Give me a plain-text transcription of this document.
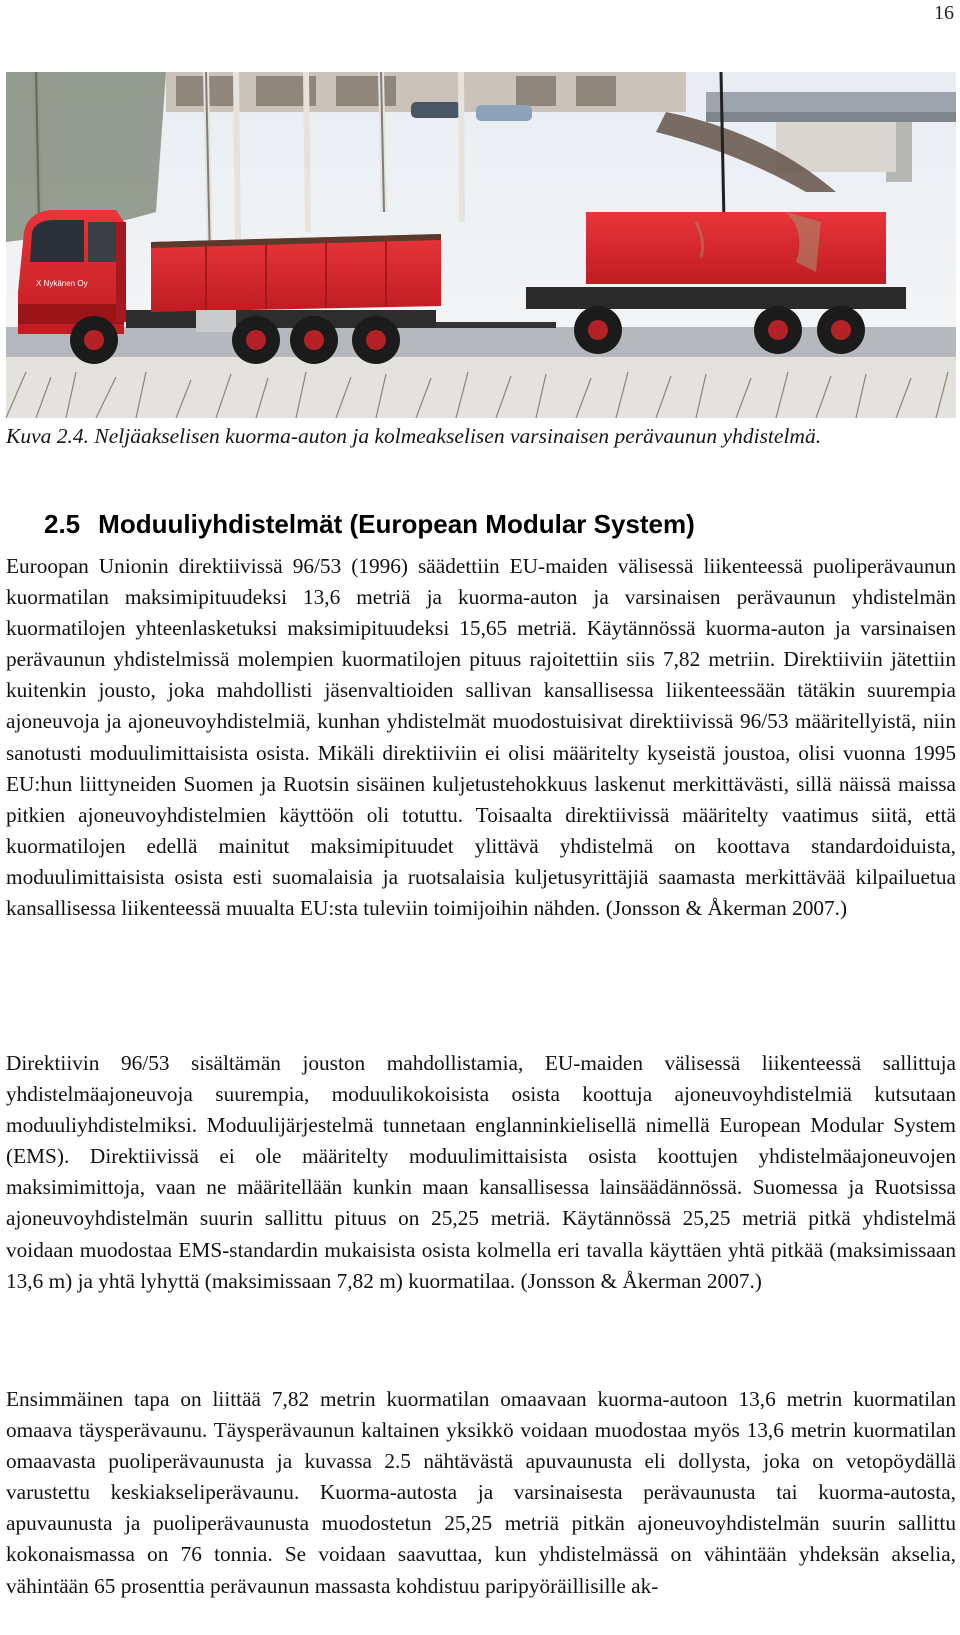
16
X Nykänen Oy
Kuva 2.4. Neljäakselisen kuorma-auton ja kolmeakselisen varsinaisen perävaunun yhdistelmä.
2.5 Moduuliyhdistelmät (European Modular System)

Euroopan Unionin direktiivissä 96/53 (1996) säädettiin EU-maiden välisessä liikenteessä puoliperävaunun kuormatilan maksimipituudeksi 13,6 metriä ja kuorma-auton ja varsinaisen perävaunun yhdistelmän kuormatilojen yhteenlasketuksi maksimipituudeksi 15,65 metriä. Käytännössä kuorma-auton ja varsinaisen perävaunun yhdistelmissä molempien kuormatilojen pituus rajoitettiin siis 7,82 metriin. Direktiiviin jätettiin kuitenkin jousto, joka mahdollisti jäsenvaltioiden sallivan kansallisessa liikenteessään tätäkin suurempia ajoneuvoja ja ajoneuvoyhdistelmiä, kunhan yhdistelmät muodostuisivat direktiivissä 96/53 määritellyistä, niin sanotusti moduulimittaisista osista. Mikäli direktiiviin ei olisi määritelty kyseistä joustoa, olisi vuonna 1995 EU:hun liittyneiden Suomen ja Ruotsin sisäinen kuljetustehokkuus laskenut merkittävästi, sillä näissä maissa pitkien ajoneuvoyhdistelmien käyttöön oli totuttu. Toisaalta direktiivissä määritelty vaatimus siitä, että kuormatilojen edellä mainitut maksimipituudet ylittävä yhdistelmä on koottava standardoiduista, moduulimittaisista osista esti suomalaisia ja ruotsalaisia kuljetusyrittäjiä saamasta merkittävää kilpailuetua kansallisessa liikenteessä muualta EU:sta tuleviin toimijoihin nähden. (Jonsson & Åkerman 2007.)

Direktiivin 96/53 sisältämän jouston mahdollistamia, EU-maiden välisessä liikenteessä sallittuja yhdistelmäajoneuvoja suurempia, moduulikokoisista osista koottuja ajoneuvoyhdistelmiä kutsutaan moduuliyhdistelmiksi. Moduulijärjestelmä tunnetaan englanninkielisellä nimellä European Modular System (EMS). Direktiivissä ei ole määritelty moduulimittaisista osista koottujen yhdistelmäajoneuvojen maksimimittoja, vaan ne määritellään kunkin maan kansallisessa lainsäädännössä. Suomessa ja Ruotsissa ajoneuvoyhdistelmän suurin sallittu pituus on 25,25 metriä. Käytännössä 25,25 metriä pitkä yhdistelmä voidaan muodostaa EMS-standardin mukaisista osista kolmella eri tavalla käyttäen yhtä pitkää (maksimissaan 13,6 m) ja yhtä lyhyttä (maksimissaan 7,82 m) kuormatilaa. (Jonsson & Åkerman 2007.)

Ensimmäinen tapa on liittää 7,82 metrin kuormatilan omaavaan kuorma-autoon 13,6 metrin kuormatilan omaava täysperävaunu. Täysperävaunun kaltainen yksikkö voidaan muodostaa myös 13,6 metrin kuormatilan omaavasta puoliperävaunusta ja kuvassa 2.5 nähtävästä apuvaunusta eli dollysta, joka on vetopöydällä varustettu keskiakseliperävaunu. Kuorma-autosta ja varsinaisesta perävaunusta tai kuorma-autosta, apuvaunusta ja puoliperävaunusta muodostetun 25,25 metriä pitkän ajoneuvoyhdistelmän suurin sallittu kokonaismassa on 76 tonnia. Se voidaan saavuttaa, kun yhdistelmässä on vähintään yhdeksän akselia, vähintään 65 prosenttia perävaunun massasta kohdistuu paripyöräillisille ak-
